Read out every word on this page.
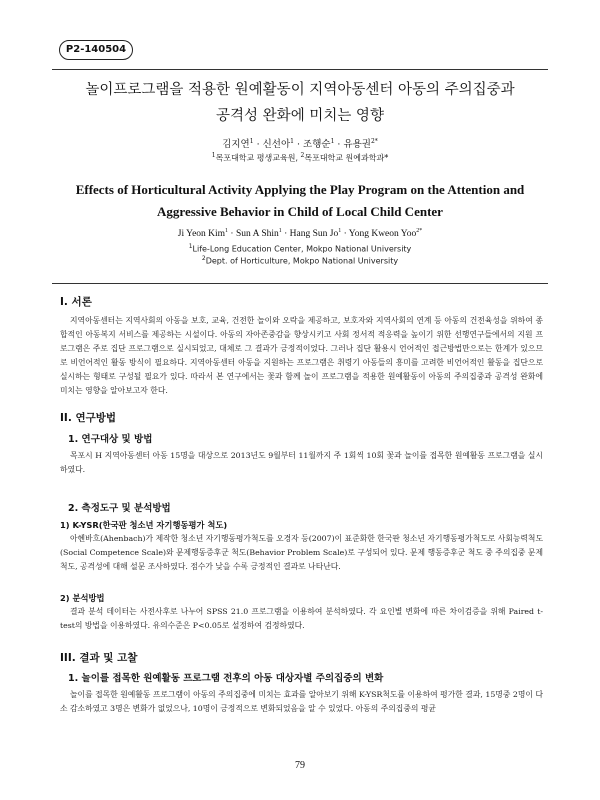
P2-140504
놀이프로그램을 적용한 원예활동이 지역아동센터 아동의 주의집중과
공격성 완화에 미치는 영향
김지연$^1$ · 신선아$^1$ · 조행순$^1$ · 유용권$^{2*}$
$^1$목포대학교 평생교육원, $^2$목포대학교 원예과학과*
Effects of Horticultural Activity Applying the Play Program on the Attention and
Aggressive Behavior in Child of Local Child Center
Ji Yeon Kim$^1$ · Sun A Shin$^1$ · Hang Sun $Jo^1$ · Yong Kweon Yoo$^{2*}$
$^1$Life-Long Education Center, Mokpo National University
$^2$Dept. of Horticulture, Mokpo National University
I. 서론

지역아동센터는 지역사회의 아동을 보호, 교육, 건전한 놀이와 오락을 제공하고, 보호자와 지역사회의 연계 등 아동의 건전육성을 위하여 종합적인 아동복지 서비스를 제공하는 시설이다. 아동의 자아존중감을 향상시키고 사회 정서적 적응력을 높이기 위한 선행연구들에서의 지원 프로그램은 주로 집단 프로그램으로 실시되었고, 대체로 그 결과가 긍정적이었다. 그러나 집단 활용시 언어적인 접근방법만으로는 한계가 있으므로 비언어적인 활동 방식이 필요하다. 지역아동센터 아동을 지원하는 프로그램은 취령기 아동들의 흥미를 고려한 비언어적인 활동을 집단으로 실시하는 형태로 구성될 필요가 있다. 따라서 본 연구에서는 꽃과 함께 놀이 프로그램을 적용한 원예활동이 아동의 주의집중과 공격성 완화에 미치는 영향을 알아보고자 한다.

II. 연구방법
1. 연구대상 및 방법

목포시 H 지역아동센터 아동 15명을 대상으로 2013년도 9월부터 11월까지 주 1회씩 10회 꽃과 놀이를 접목한 원예활동 프로그램을 실시하였다.

2. 측정도구 및 분석방법
1) K-YSR(한국판 청소년 자기행동평가 척도)

아헨바흐(Ahenbach)가 제작한 청소년 자기행동평가척도를 오경자 등(2007)이 표준화한 한국판 청소년 자기행동평가척도로 사회능력척도(Social Competence Scale)와 문제행동증후군 척도(Behavior Problem Scale)로 구성되어 있다. 문제 행동증후군 척도 중 주의집중 문제 척도, 공격성에 대해 설문 조사하였다. 점수가 낮을 수록 긍정적인 결과로 나타난다.

2) 분석방법

결과 분석 데이터는 사전사후로 나누어 SPSS 21.0 프로그램을 이용하여 분석하였다. 각 요인별 변화에 따른 차이검증을 위해 Paired t-test의 방법을 이용하였다. 유의수준은 P<0.05로 설정하여 검정하였다.

III. 결과 및 고찰
1. 놀이를 접목한 원예활동 프로그램 전후의 아동 대상자별 주의집중의 변화

놀이를 접목한 원예활동 프로그램이 아동의 주의집중에 미치는 효과를 알아보기 위해 K-YSR척도를 이용하여 평가한 결과, 15명중 2명이 다소 감소하였고 3명은 변화가 없었으나, 10명이 긍정적으로 변화되었음을 알 수 있었다. 아동의 주의집중의 평균

79
